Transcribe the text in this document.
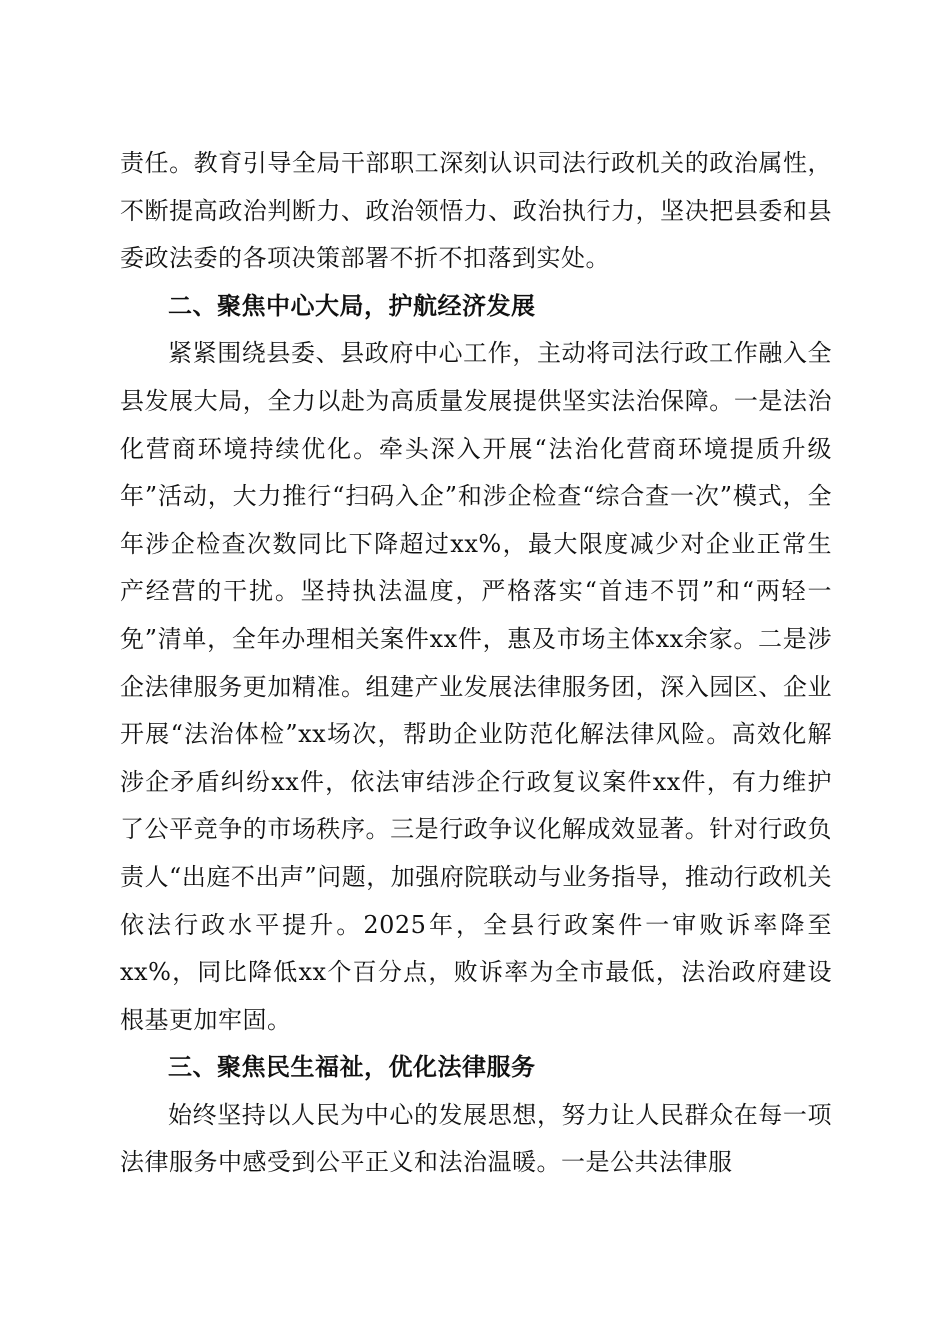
责任。教育引导全局干部职工深刻认识司法行政机关的政治属性，不断提高政治判断力、政治领悟力、政治执行力，坚决把县委和县委政法委的各项决策部署不折不扣落到实处。

二、聚焦中心大局，护航经济发展

紧紧围绕县委、县政府中心工作，主动将司法行政工作融入全县发展大局，全力以赴为高质量发展提供坚实法治保障。一是法治化营商环境持续优化。牵头深入开展“法治化营商环境提质升级年”活动，大力推行“扫码入企”和涉企检查“综合查一次”模式，全年涉企检查次数同比下降超过xx%，最大限度减少对企业正常生产经营的干扰。坚持执法温度，严格落实“首违不罚”和“两轻一免”清单，全年办理相关案件xx件，惠及市场主体xx余家。二是涉企法律服务更加精准。组建产业发展法律服务团，深入园区、企业开展“法治体检”xx场次，帮助企业防范化解法律风险。高效化解涉企矛盾纠纷xx件，依法审结涉企行政复议案件xx件，有力维护了公平竞争的市场秩序。三是行政争议化解成效显著。针对行政负责人“出庭不出声”问题，加强府院联动与业务指导，推动行政机关依法行政水平提升。2025年，全县行政案件一审败诉率降至xx%，同比降低xx个百分点，败诉率为全市最低，法治政府建设根基更加牢固。

三、聚焦民生福祉，优化法律服务

始终坚持以人民为中心的发展思想，努力让人民群众在每一项法律服务中感受到公平正义和法治温暖。一是公共法律服
